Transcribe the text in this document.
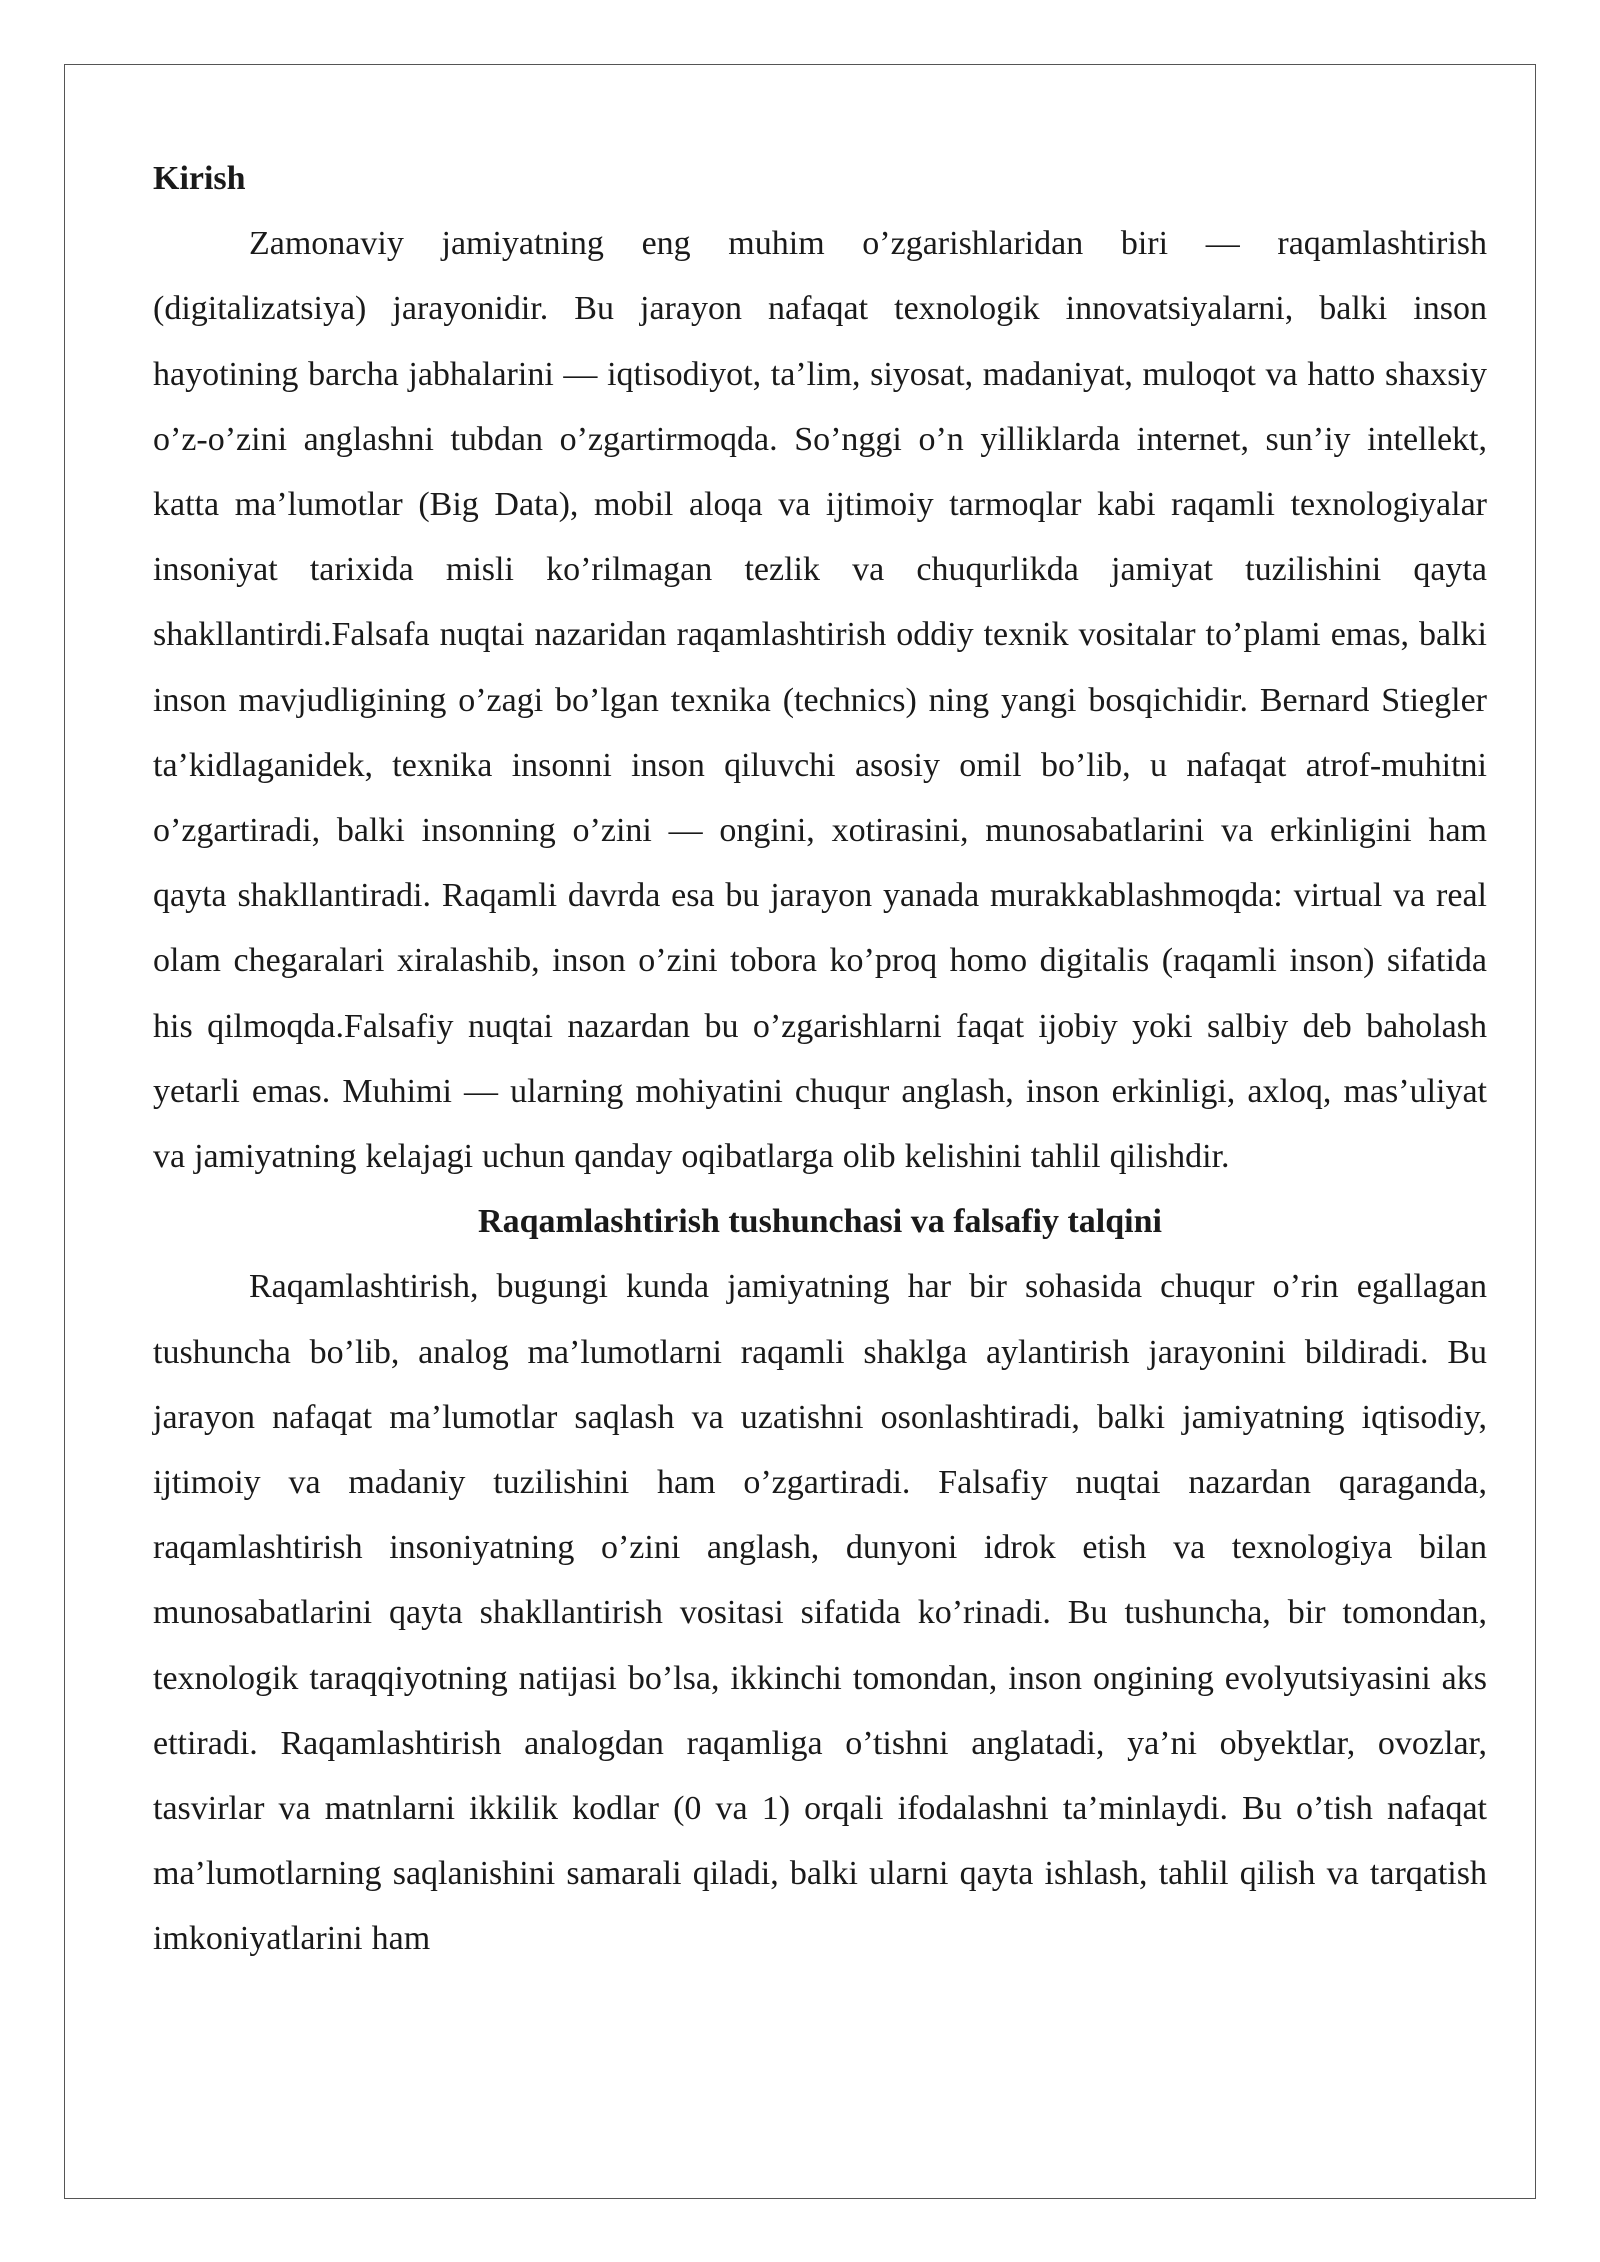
Kirish

Zamonaviy jamiyatning eng muhim o’zgarishlaridan biri — raqamlashtirish (digitalizatsiya) jarayonidir. Bu jarayon nafaqat texnologik innovatsiyalarni, balki inson hayotining barcha jabhalarini — iqtisodiyot, ta’lim, siyosat, madaniyat, muloqot va hatto shaxsiy o’z-o’zini anglashni tubdan o’zgartirmoqda. So’nggi o’n yilliklarda internet, sun’iy intellekt, katta ma’lumotlar (Big Data), mobil aloqa va ijtimoiy tarmoqlar kabi raqamli texnologiyalar insoniyat tarixida misli ko’rilmagan tezlik va chuqurlikda jamiyat tuzilishini qayta shakllantirdi.Falsafa nuqtai nazaridan raqamlashtirish oddiy texnik vositalar to’plami emas, balki inson mavjudligining o’zagi bo’lgan texnika (technics) ning yangi bosqichidir. Bernard Stiegler ta’kidlaganidek, texnika insonni inson qiluvchi asosiy omil bo’lib, u nafaqat atrof-muhitni o’zgartiradi, balki insonning o’zini — ongini, xotirasini, munosabatlarini va erkinligini ham qayta shakllantiradi. Raqamli davrda esa bu jarayon yanada murakkablashmoqda: virtual va real olam chegaralari xiralashib, inson o’zini tobora ko’proq homo digitalis (raqamli inson) sifatida his qilmoqda.Falsafiy nuqtai nazardan bu o’zgarishlarni faqat ijobiy yoki salbiy deb baholash yetarli emas. Muhimi — ularning mohiyatini chuqur anglash, inson erkinligi, axloq, mas’uliyat va jamiyatning kelajagi uchun qanday oqibatlarga olib kelishini tahlil qilishdir.

Raqamlashtirish tushunchasi va falsafiy talqini

Raqamlashtirish, bugungi kunda jamiyatning har bir sohasida chuqur o’rin egallagan tushuncha bo’lib, analog ma’lumotlarni raqamli shaklga aylantirish jarayonini bildiradi. Bu jarayon nafaqat ma’lumotlar saqlash va uzatishni osonlashtiradi, balki jamiyatning iqtisodiy, ijtimoiy va madaniy tuzilishini ham o’zgartiradi. Falsafiy nuqtai nazardan qaraganda, raqamlashtirish insoniyatning o’zini anglash, dunyoni idrok etish va texnologiya bilan munosabatlarini qayta shakllantirish vositasi sifatida ko’rinadi. Bu tushuncha, bir tomondan, texnologik taraqqiyotning natijasi bo’lsa, ikkinchi tomondan, inson ongining evolyutsiyasini aks ettiradi. Raqamlashtirish analogdan raqamliga o’tishni anglatadi, ya’ni obyektlar, ovozlar, tasvirlar va matnlarni ikkilik kodlar (0 va 1) orqali ifodalashni ta’minlaydi. Bu o’tish nafaqat ma’lumotlarning saqlanishini samarali qiladi, balki ularni qayta ishlash, tahlil qilish va tarqatish imkoniyatlarini ham
